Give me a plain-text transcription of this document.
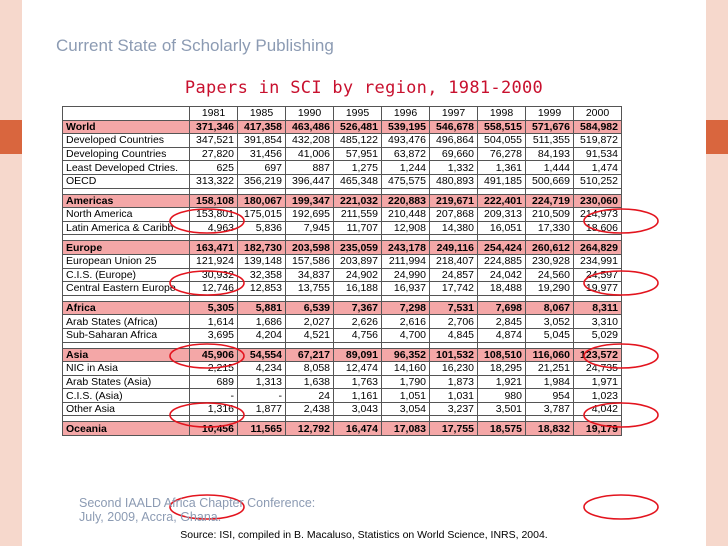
Current State of Scholarly Publishing
Papers in SCI by region, 1981-2000
	1981	1985	1990	1995	1996	1997	1998	1999	2000
World	371,346	417,358	463,486	526,481	539,195	546,678	558,515	571,676	584,982
Developed Countries	347,521	391,854	432,208	485,122	493,476	496,864	504,055	511,355	519,872
Developing Countries	27,820	31,456	41,006	57,951	63,872	69,660	76,278	84,193	91,534
Least Developed Ctries.	625	697	887	1,275	1,244	1,332	1,361	1,444	1,474
OECD	313,322	356,219	396,447	465,348	475,575	480,893	491,185	500,669	510,252

Americas	158,108	180,067	199,347	221,032	220,883	219,671	222,401	224,719	230,060
North America	153,801	175,015	192,695	211,559	210,448	207,868	209,313	210,509	214,973
Latin America & Caribb.	4,963	5,836	7,945	11,707	12,908	14,380	16,051	17,330	18,606

Europe	163,471	182,730	203,598	235,059	243,178	249,116	254,424	260,612	264,829
European Union 25	121,924	139,148	157,586	203,897	211,994	218,407	224,885	230,928	234,991
C.I.S. (Europe)	30,932	32,358	34,837	24,902	24,990	24,857	24,042	24,560	24,597
Central Eastern Europe	12,746	12,853	13,755	16,188	16,937	17,742	18,488	19,290	19,977

Africa	5,305	5,881	6,539	7,367	7,298	7,531	7,698	8,067	8,311
Arab States (Africa)	1,614	1,686	2,027	2,626	2,616	2,706	2,845	3,052	3,310
Sub-Saharan Africa	3,695	4,204	4,521	4,756	4,700	4,845	4,874	5,045	5,029

Asia	45,906	54,554	67,217	89,091	96,352	101,532	108,510	116,060	123,572
NIC in Asia	2,215	4,234	8,058	12,474	14,160	16,230	18,295	21,251	24,735
Arab States (Asia)	689	1,313	1,638	1,763	1,790	1,873	1,921	1,984	1,971
C.I.S. (Asia)	-	-	24	1,161	1,051	1,031	980	954	1,023
Other Asia	1,316	1,877	2,438	3,043	3,054	3,237	3,501	3,787	4,042

Oceania	10,456	11,565	12,792	16,474	17,083	17,755	18,575	18,832	19,179
Second IAALD Africa Chapter Conference:
July, 2009, Accra, Ghana.
Source: ISI, compiled in B. Macaluso, Statistics on World Science, INRS, 2004.
